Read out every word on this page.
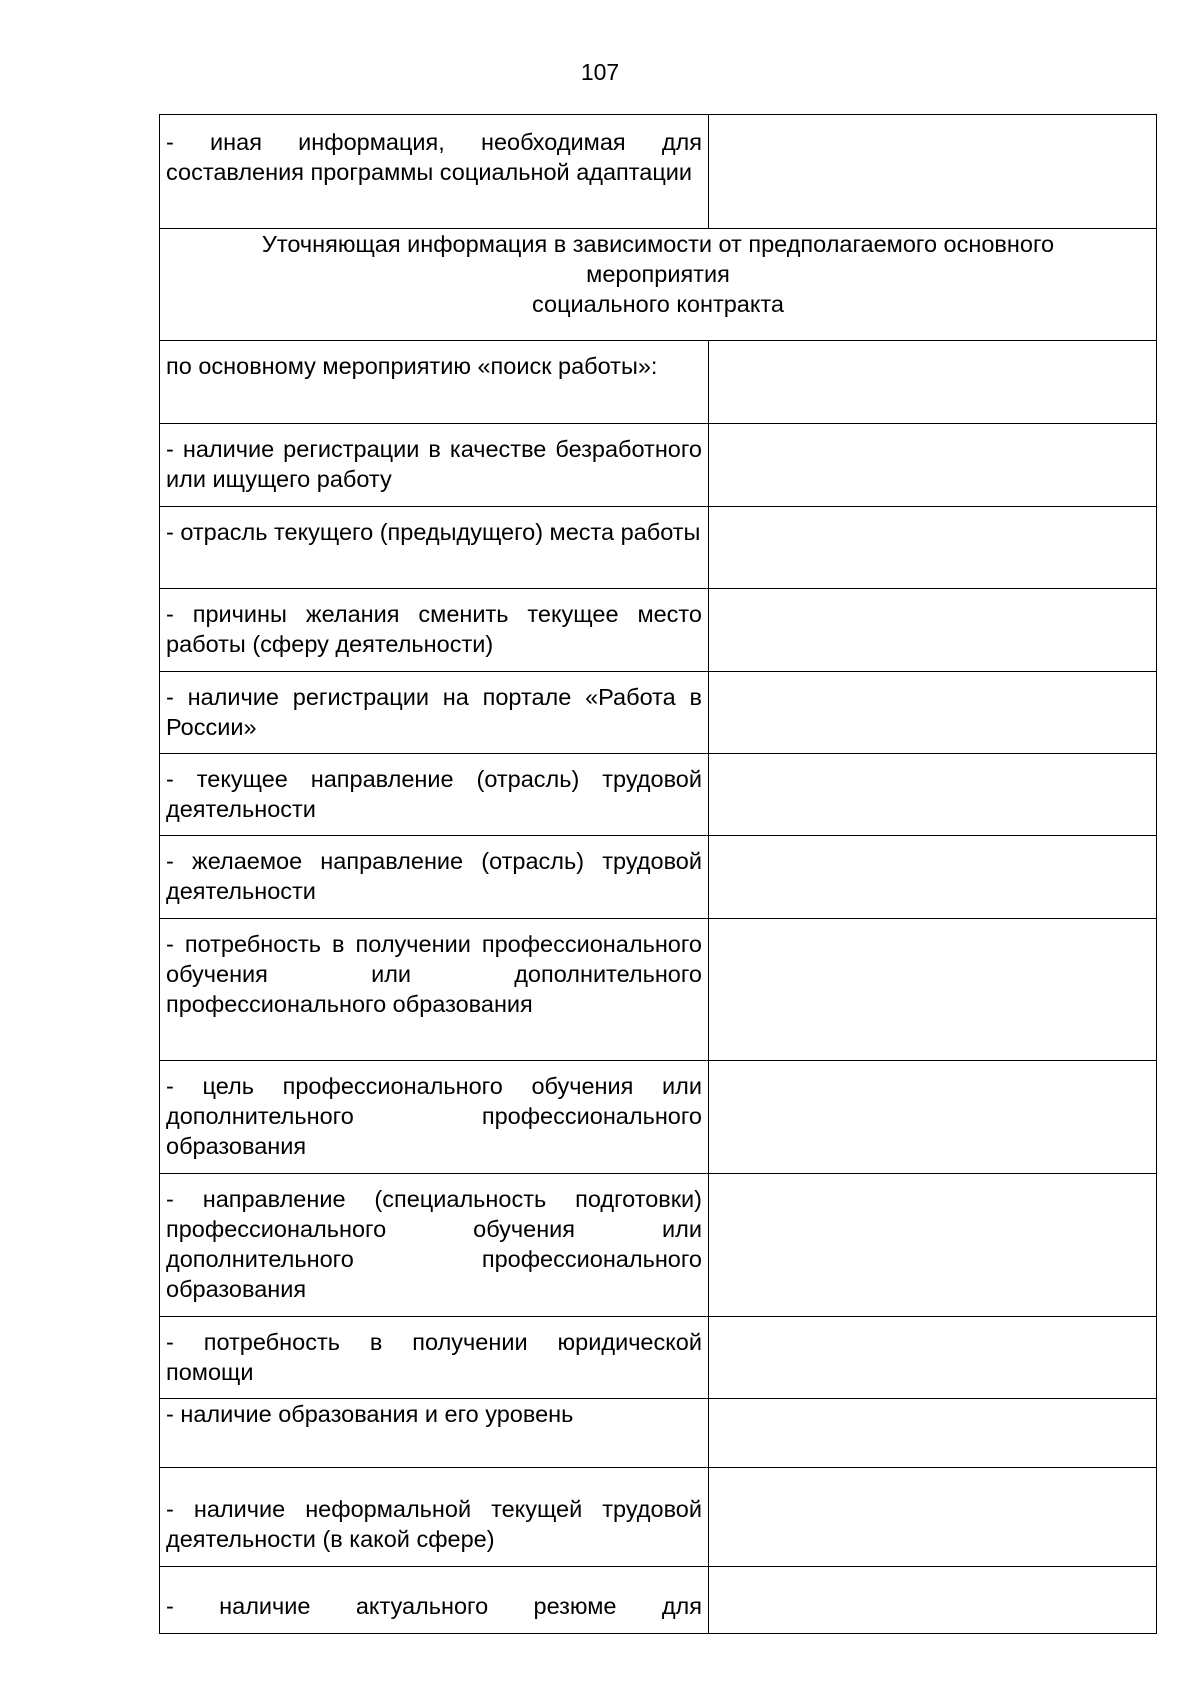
107
- иная информация, необходимая для составления программы социальной адаптации	

Уточняющая информация в зависимости от предполагаемого основного
мероприятия
социального контракта	

по основному мероприятию «поиск работы»:	
- наличие регистрации в качестве безработного или ищущего работу	
- отрасль текущего (предыдущего) места работы	
- причины желания сменить текущее место работы (сферу деятельности)	
- наличие регистрации на портале «Работа в России»	
- текущее направление (отрасль) трудовой деятельности	
- желаемое направление (отрасль) трудовой деятельности	
- потребность в получении профессионального обучения или дополнительного профессионального образования	
- цель профессионального обучения или дополнительного профессионального образования	
- направление (специальность подготовки) профессионального обучения или дополнительного профессионального образования	
- потребность в получении юридической помощи	
- наличие образования и его уровень	
- наличие неформальной текущей трудовой деятельности (в какой сфере)	
- наличие актуального резюме для	
